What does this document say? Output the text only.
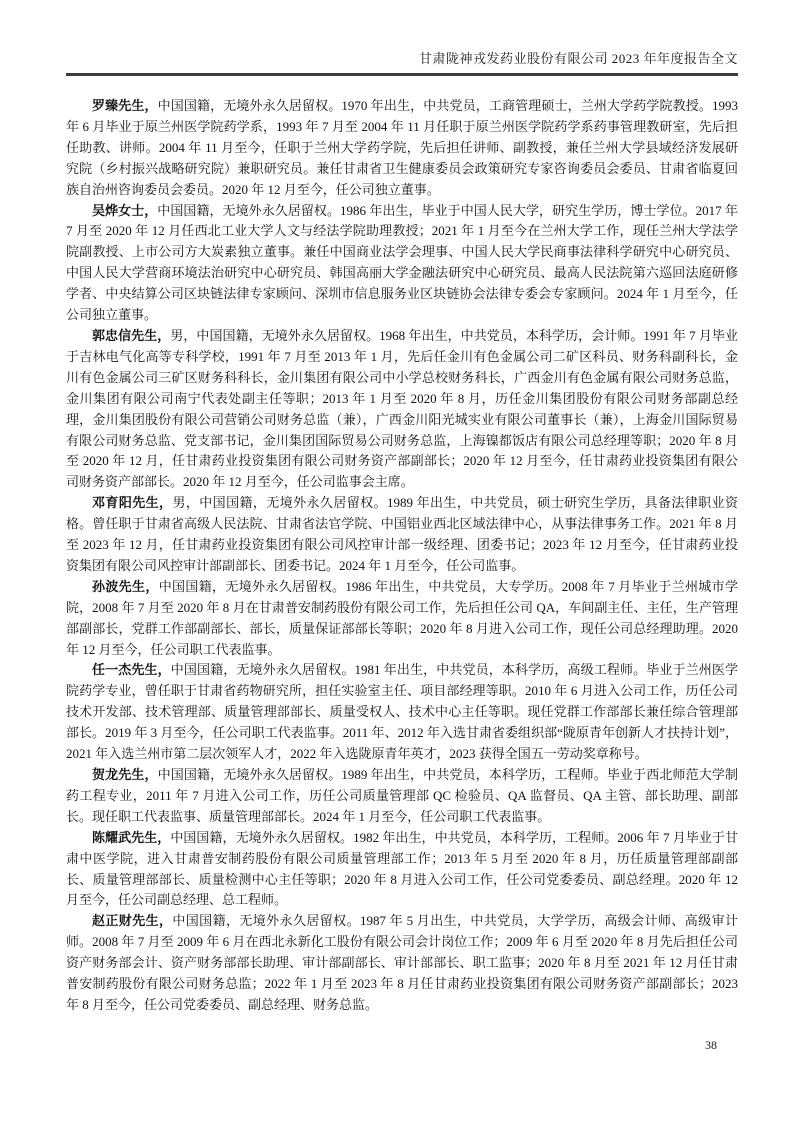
甘肃陇神戎发药业股份有限公司 2023 年年度报告全文

罗臻先生，中国国籍，无境外永久居留权。1970 年出生，中共党员，工商管理硕士，兰州大学药学院教授。1993 年 6 月毕业于原兰州医学院药学系，1993 年 7 月至 2004 年 11 月任职于原兰州医学院药学系药事管理教研室，先后担任助教、讲师。2004 年 11 月至今，任职于兰州大学药学院，先后担任讲师、副教授，兼任兰州大学县域经济发展研究院（乡村振兴战略研究院）兼职研究员。兼任甘肃省卫生健康委员会政策研究专家咨询委员会委员、甘肃省临夏回族自治州咨询委员会委员。2020 年 12 月至今，任公司独立董事。

吴烨女士，中国国籍，无境外永久居留权。1986 年出生，毕业于中国人民大学，研究生学历，博士学位。2017 年 7 月至 2020 年 12 月任西北工业大学人文与经法学院助理教授；2021 年 1 月至今在兰州大学工作，现任兰州大学法学院副教授、上市公司方大炭素独立董事。兼任中国商业法学会理事、中国人民大学民商事法律科学研究中心研究员、中国人民大学营商环境法治研究中心研究员、韩国高丽大学金融法研究中心研究员、最高人民法院第六巡回法庭研修学者、中央结算公司区块链法律专家顾问、深圳市信息服务业区块链协会法律专委会专家顾问。2024 年 1 月至今，任公司独立董事。

郭忠信先生，男，中国国籍，无境外永久居留权。1968 年出生，中共党员，本科学历，会计师。1991 年 7 月毕业于吉林电气化高等专科学校，1991 年 7 月至 2013 年 1 月，先后任金川有色金属公司二矿区科员、财务科副科长，金川有色金属公司三矿区财务科科长，金川集团有限公司中小学总校财务科长，广西金川有色金属有限公司财务总监，金川集团有限公司南宁代表处副主任等职；2013 年 1 月至 2020 年 8 月，历任金川集团股份有限公司财务部副总经理，金川集团股份有限公司营销公司财务总监（兼），广西金川阳光城实业有限公司董事长（兼），上海金川国际贸易有限公司财务总监、党支部书记，金川集团国际贸易公司财务总监，上海镍都饭店有限公司总经理等职；2020 年 8 月至 2020 年 12 月，任甘肃药业投资集团有限公司财务资产部副部长；2020 年 12 月至今，任甘肃药业投资集团有限公司财务资产部部长。2020 年 12 月至今，任公司监事会主席。

邓育阳先生，男，中国国籍，无境外永久居留权。1989 年出生，中共党员，硕士研究生学历，具备法律职业资格。曾任职于甘肃省高级人民法院、甘肃省法官学院、中国铝业西北区域法律中心，从事法律事务工作。2021 年 8 月至 2023 年 12 月，任甘肃药业投资集团有限公司风控审计部一级经理、团委书记；2023 年 12 月至今，任甘肃药业投资集团有限公司风控审计部副部长、团委书记。2024 年 1 月至今，任公司监事。

孙波先生，中国国籍，无境外永久居留权。1986 年出生，中共党员，大专学历。2008 年 7 月毕业于兰州城市学院，2008 年 7 月至 2020 年 8 月在甘肃普安制药股份有限公司工作，先后担任公司 QA，车间副主任、主任，生产管理部副部长，党群工作部副部长、部长，质量保证部部长等职；2020 年 8 月进入公司工作，现任公司总经理助理。2020 年 12 月至今，任公司职工代表监事。

任一杰先生，中国国籍，无境外永久居留权。1981 年出生，中共党员，本科学历，高级工程师。毕业于兰州医学院药学专业，曾任职于甘肃省药物研究所，担任实验室主任、项目部经理等职。2010 年 6 月进入公司工作，历任公司技术开发部、技术管理部、质量管理部部长、质量受权人、技术中心主任等职。现任党群工作部部长兼任综合管理部部长。2019 年 3 月至今，任公司职工代表监事。2011 年、2012 年入选甘肃省委组织部“陇原青年创新人才扶持计划”，2021 年入选兰州市第二层次领军人才，2022 年入选陇原青年英才，2023 获得全国五一劳动奖章称号。

贺龙先生，中国国籍，无境外永久居留权。1989 年出生，中共党员，本科学历，工程师。毕业于西北师范大学制药工程专业，2011 年 7 月进入公司工作，历任公司质量管理部 QC 检验员、QA 监督员、QA 主管、部长助理、副部长。现任职工代表监事、质量管理部部长。2024 年 1 月至今，任公司职工代表监事。

陈耀武先生，中国国籍，无境外永久居留权。1982 年出生，中共党员，本科学历，工程师。2006 年 7 月毕业于甘肃中医学院，进入甘肃普安制药股份有限公司质量管理部工作；2013 年 5 月至 2020 年 8 月，历任质量管理部副部长、质量管理部部长、质量检测中心主任等职；2020 年 8 月进入公司工作，任公司党委委员、副总经理。2020 年 12 月至今，任公司副总经理、总工程师。

赵正财先生，中国国籍，无境外永久居留权。1987 年 5 月出生，中共党员，大学学历，高级会计师、高级审计师。2008 年 7 月至 2009 年 6 月在西北永新化工股份有限公司会计岗位工作；2009 年 6 月至 2020 年 8 月先后担任公司资产财务部会计、资产财务部部长助理、审计部副部长、审计部部长、职工监事；2020 年 8 月至 2021 年 12 月任甘肃普安制药股份有限公司财务总监；2022 年 1 月至 2023 年 8 月任甘肃药业投资集团有限公司财务资产部副部长；2023 年 8 月至今，任公司党委委员、副总经理、财务总监。

38
